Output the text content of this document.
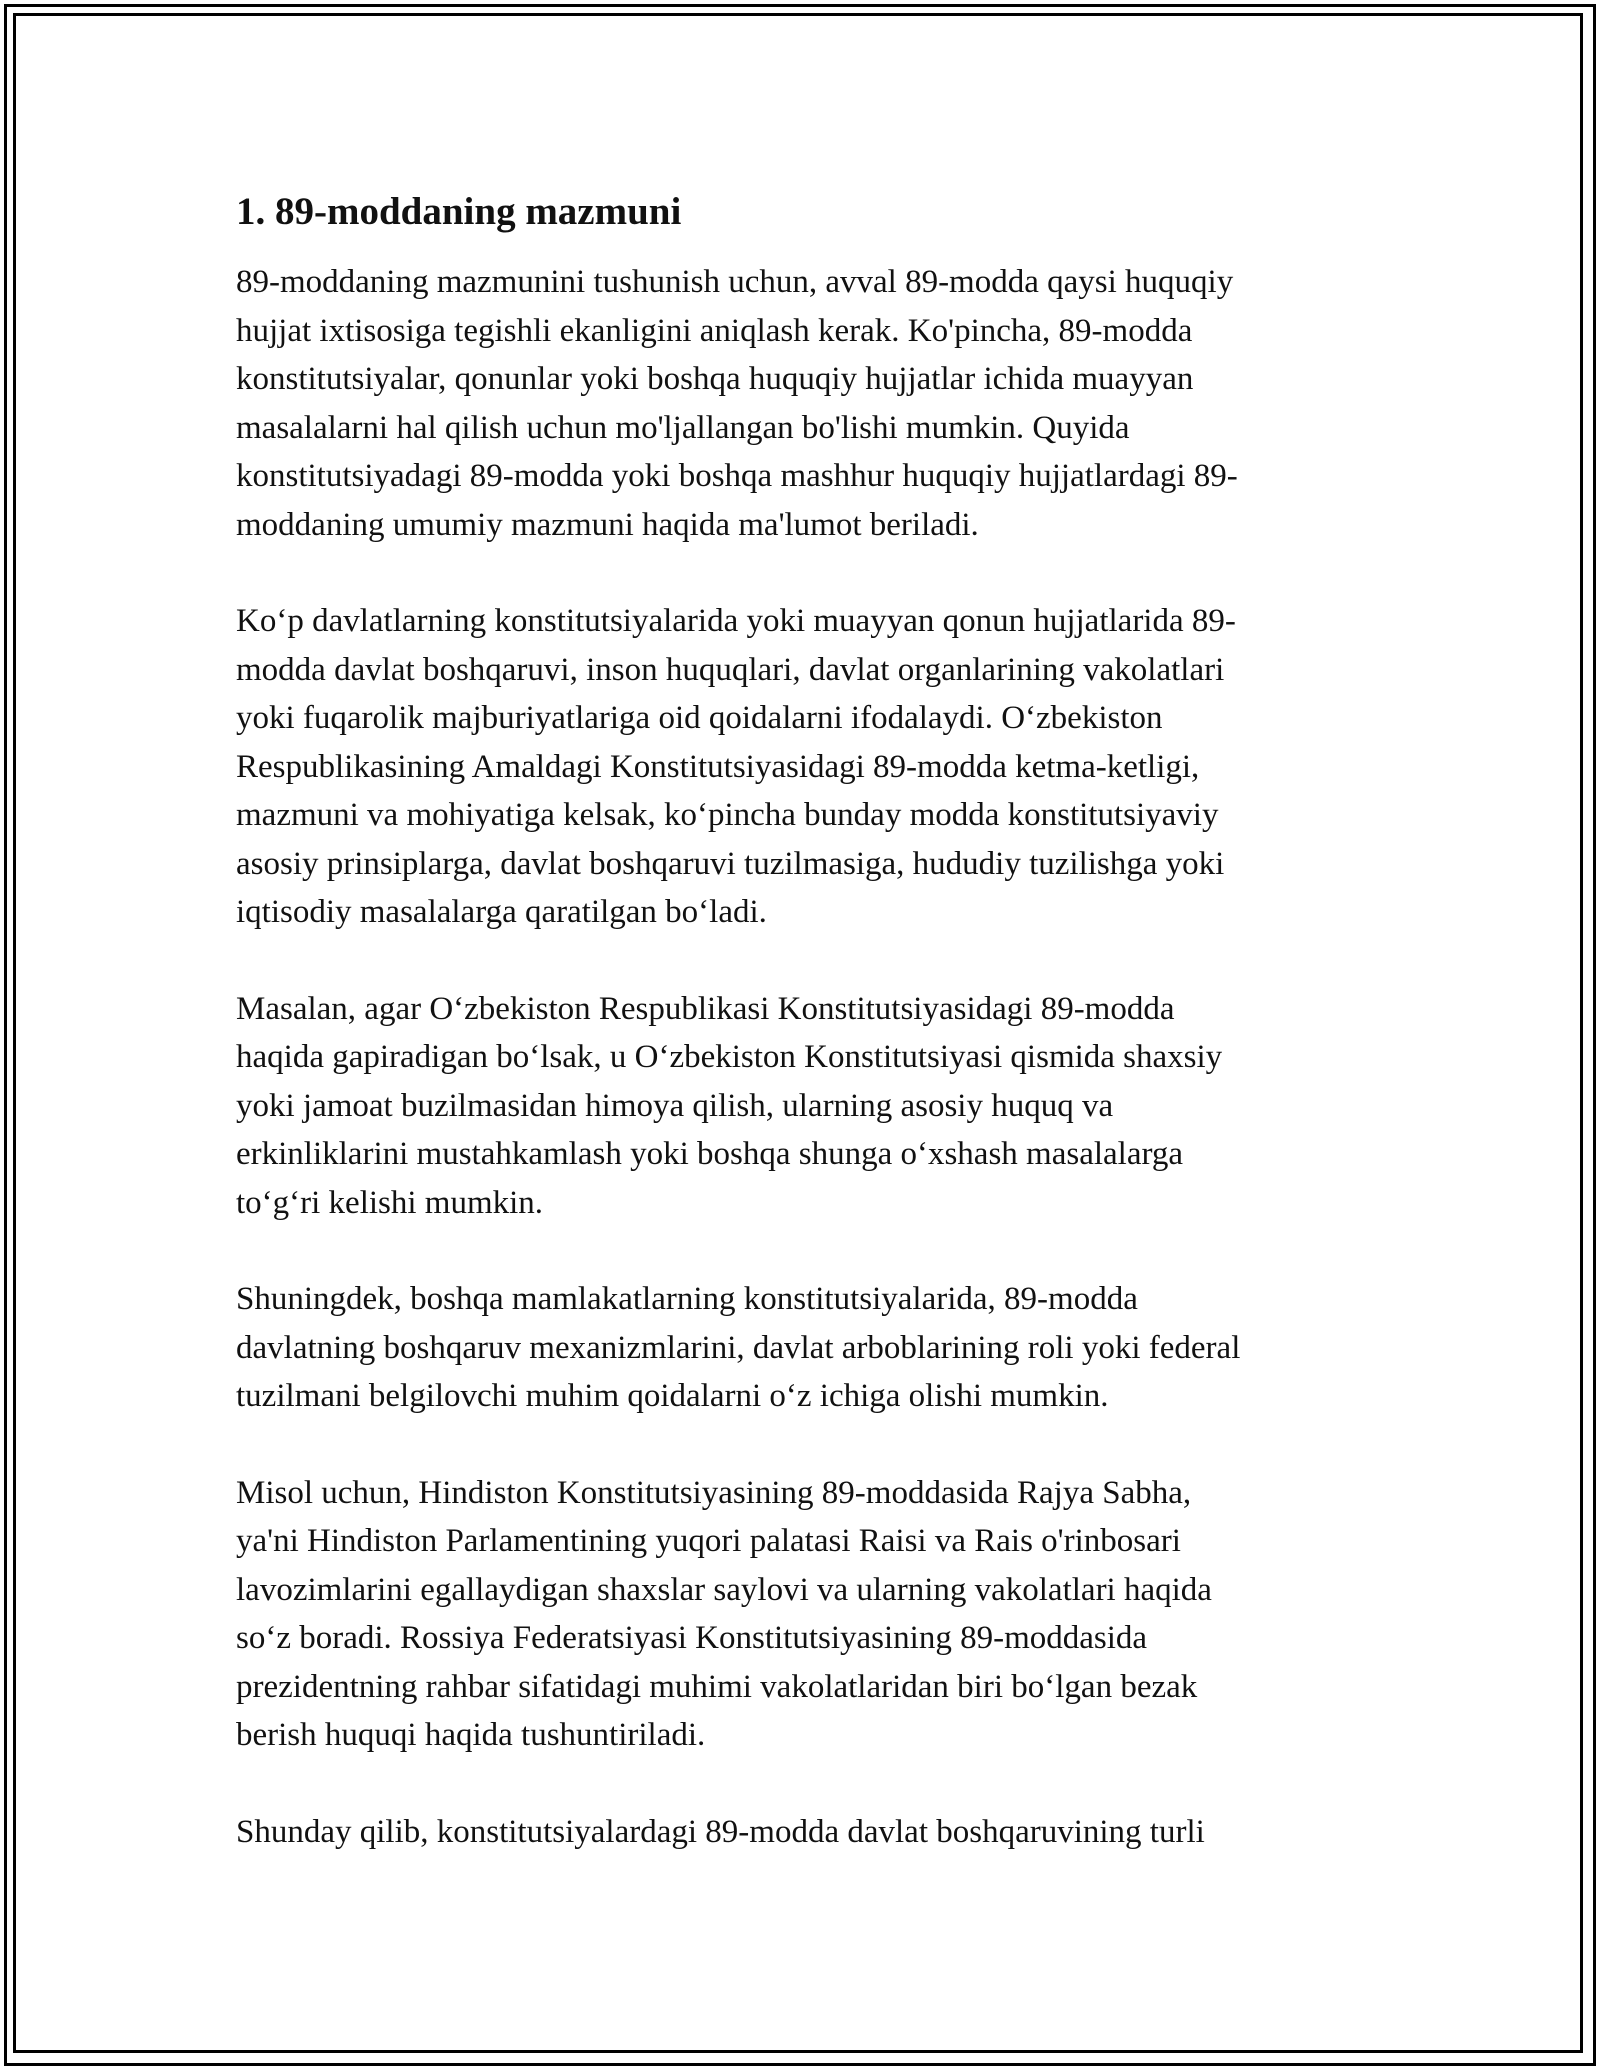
1. 89-moddaning mazmuni

89-moddaning mazmunini tushunish uchun, avval 89-modda qaysi huquqiy
hujjat ixtisosiga tegishli ekanligini aniqlash kerak. Ko'pincha, 89-modda
konstitutsiyalar, qonunlar yoki boshqa huquqiy hujjatlar ichida muayyan
masalalarni hal qilish uchun mo'ljallangan bo'lishi mumkin. Quyida
konstitutsiyadagi 89-modda yoki boshqa mashhur huquqiy hujjatlardagi 89-
moddaning umumiy mazmuni haqida ma'lumot beriladi.

Ko‘p davlatlarning konstitutsiyalarida yoki muayyan qonun hujjatlarida 89-
modda davlat boshqaruvi, inson huquqlari, davlat organlarining vakolatlari
yoki fuqarolik majburiyatlariga oid qoidalarni ifodalaydi. O‘zbekiston
Respublikasining Amaldagi Konstitutsiyasidagi 89-modda ketma-ketligi,
mazmuni va mohiyatiga kelsak, ko‘pincha bunday modda konstitutsiyaviy
asosiy prinsiplarga, davlat boshqaruvi tuzilmasiga, hududiy tuzilishga yoki
iqtisodiy masalalarga qaratilgan bo‘ladi.

Masalan, agar O‘zbekiston Respublikasi Konstitutsiyasidagi 89-modda
haqida gapiradigan bo‘lsak, u O‘zbekiston Konstitutsiyasi qismida shaxsiy
yoki jamoat buzilmasidan himoya qilish, ularning asosiy huquq va
erkinliklarini mustahkamlash yoki boshqa shunga o‘xshash masalalarga
to‘g‘ri kelishi mumkin.

Shuningdek, boshqa mamlakatlarning konstitutsiyalarida, 89-modda
davlatning boshqaruv mexanizmlarini, davlat arboblarining roli yoki federal
tuzilmani belgilovchi muhim qoidalarni o‘z ichiga olishi mumkin.

Misol uchun, Hindiston Konstitutsiyasining 89-moddasida Rajya Sabha,
ya'ni Hindiston Parlamentining yuqori palatasi Raisi va Rais o'rinbosari
lavozimlarini egallaydigan shaxslar saylovi va ularning vakolatlari haqida
so‘z boradi. Rossiya Federatsiyasi Konstitutsiyasining 89-moddasida
prezidentning rahbar sifatidagi muhimi vakolatlaridan biri bo‘lgan bezak
berish huquqi haqida tushuntiriladi.

Shunday qilib, konstitutsiyalardagi 89-modda davlat boshqaruvining turli
